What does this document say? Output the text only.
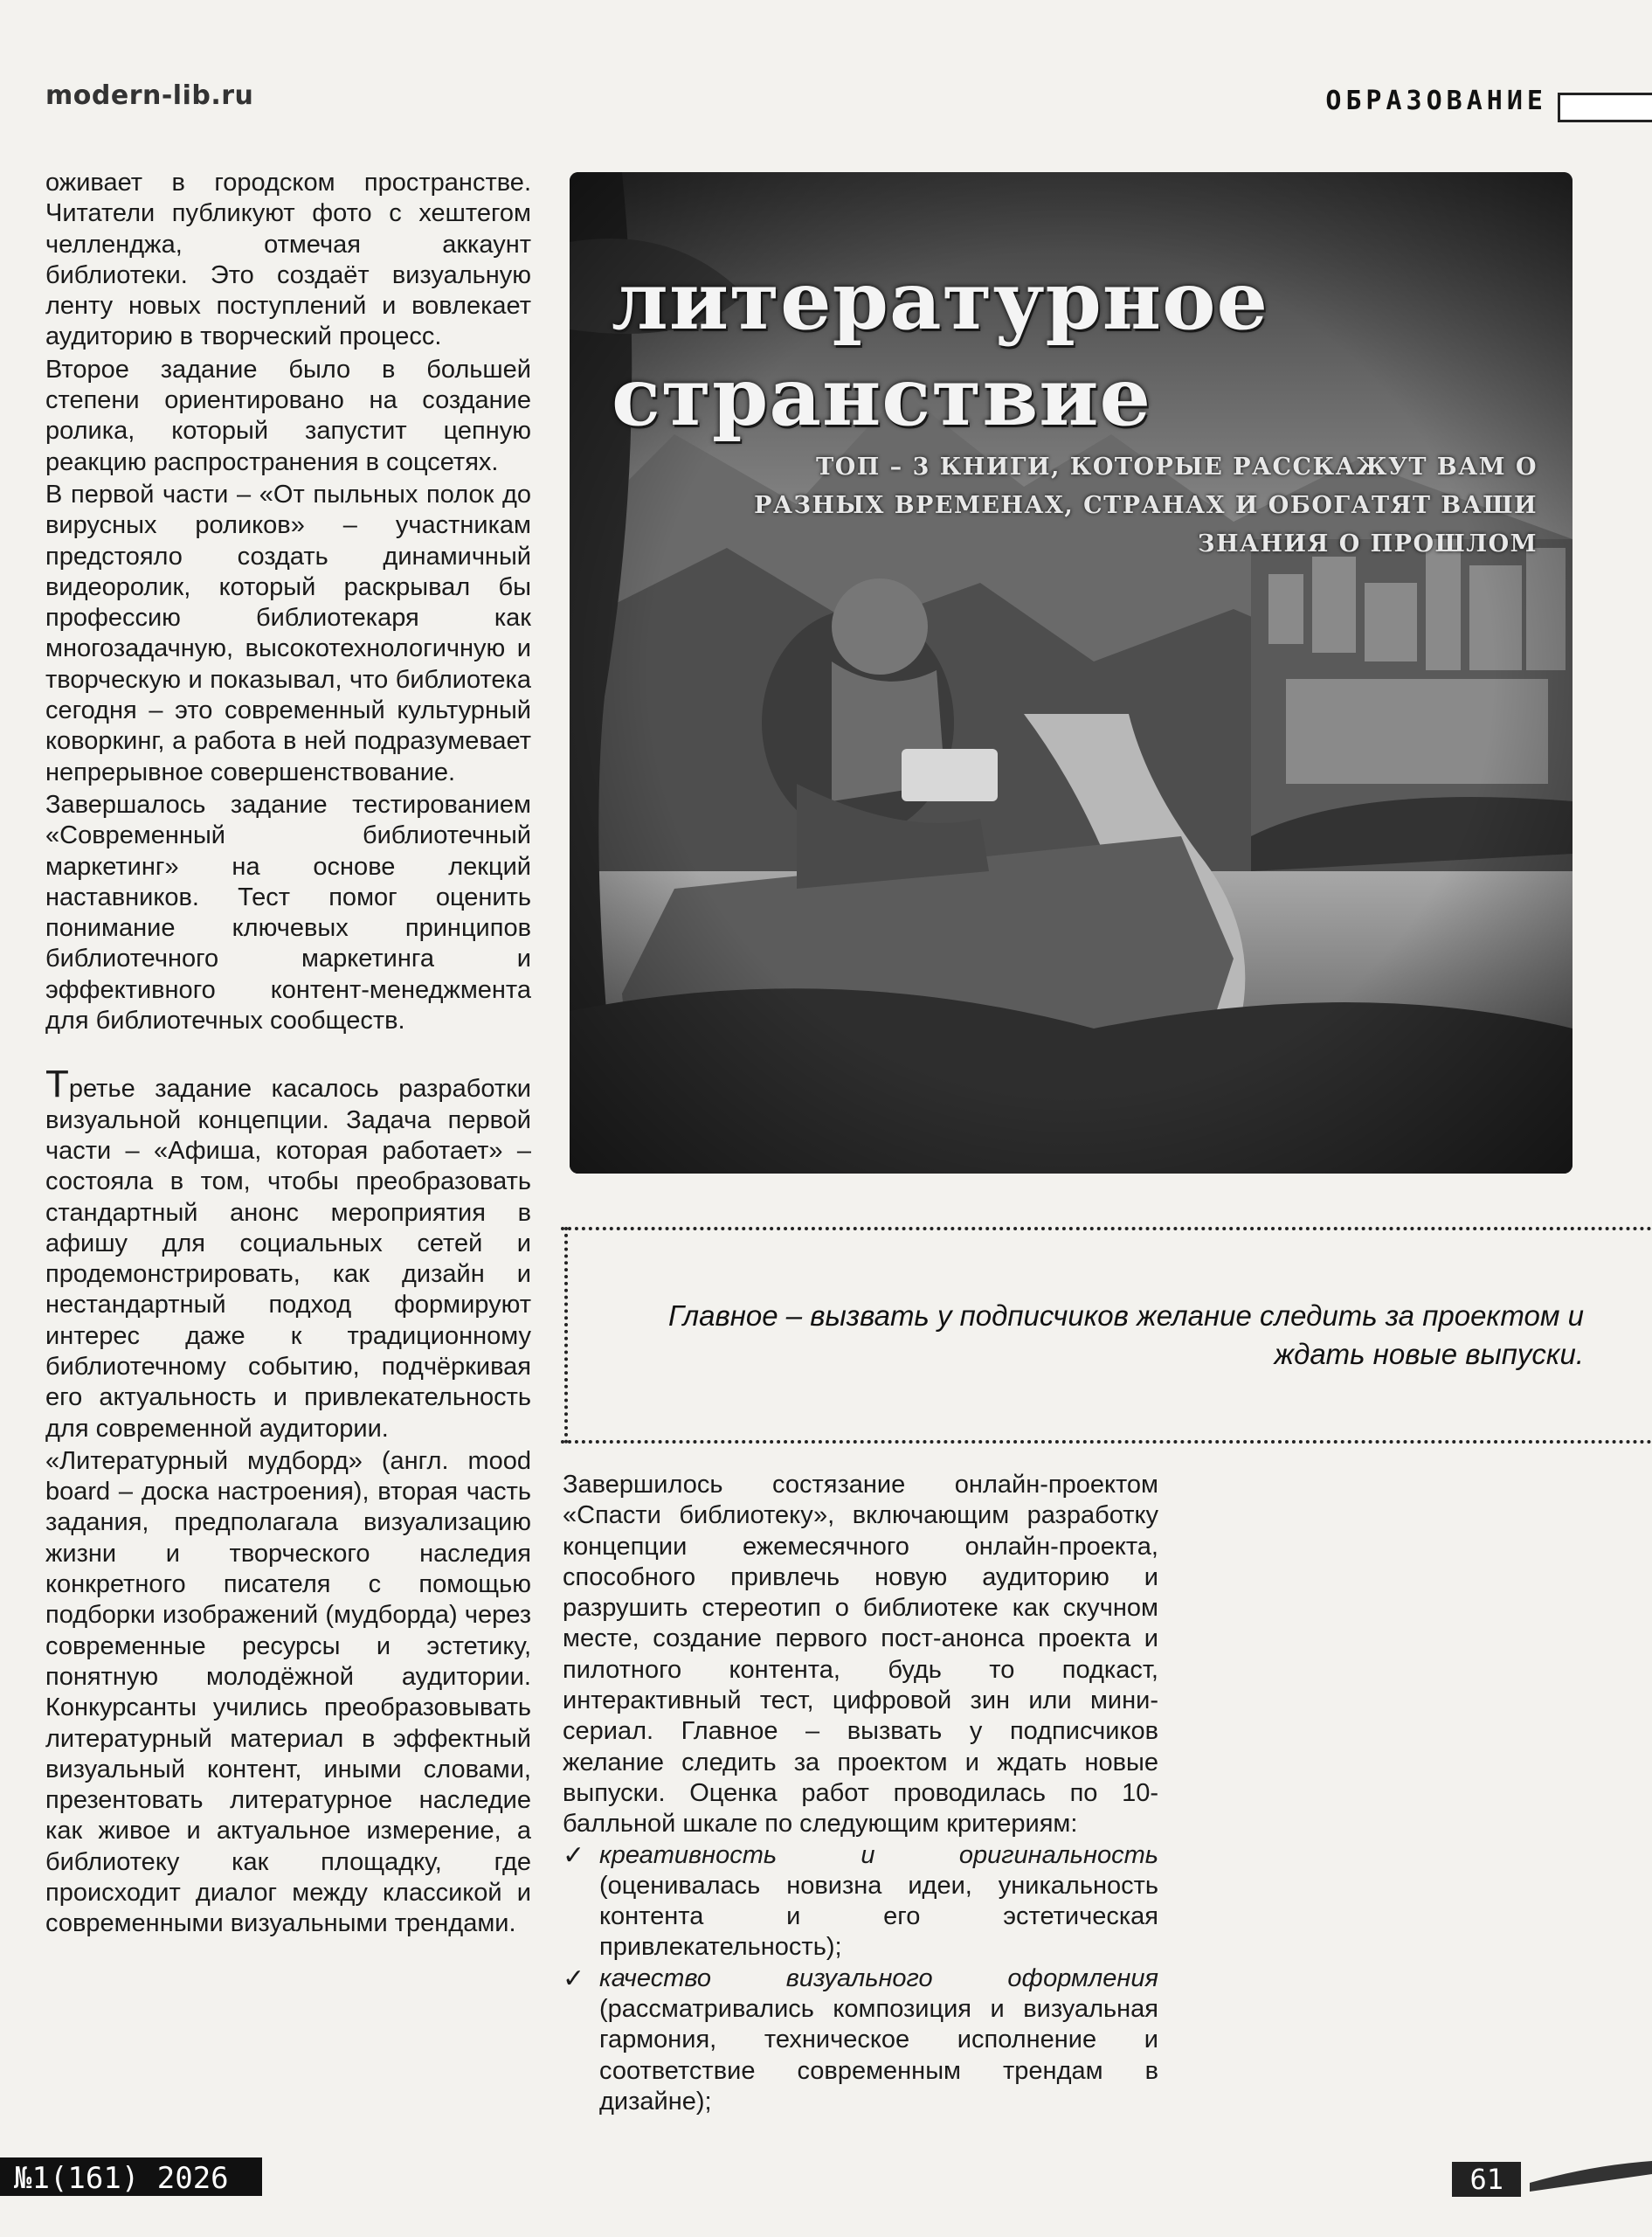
modern-lib.ru	ОБРАЗОВАНИЕ

оживает в городском пространстве. Читатели публикуют фото с хештегом челленджа, отмечая аккаунт библиотеки. Это создаёт визуальную ленту новых поступлений и вовлекает аудиторию в творческий процесс.

Второе задание было в большей степени ориентировано на создание ролика, который запустит цепную реакцию распространения в соцсетях.

В первой части – «От пыльных полок до вирусных роликов» – участникам предстояло создать динамичный видеоролик, который раскрывал бы профессию библиотекаря как многозадачную, высокотехнологичную и творческую и показывал, что библиотека сегодня – это современный культурный коворкинг, а работа в ней подразумевает непрерывное совершенствование.

Завершалось задание тестированием «Современный библиотечный маркетинг» на основе лекций наставников. Тест помог оценить понимание ключевых принципов библиотечного маркетинга и эффективного контент-менеджмента для библиотечных сообществ.

Третье задание касалось разработки визуальной концепции. Задача первой части – «Афиша, которая работает» – состояла в том, чтобы преобразовать стандартный анонс мероприятия в афишу для социальных сетей и продемонстрировать, как дизайн и нестандартный подход формируют интерес даже к традиционному библиотечному событию, подчёркивая его актуальность и привлекательность для современной аудитории.

«Литературный мудборд» (англ. mood board – доска настроения), вторая часть задания, предполагала визуализацию жизни и творческого наследия конкретного писателя с помощью подборки изображений (мудборда) через современные ресурсы и эстетику, понятную молодёжной аудитории. Конкурсанты учились преобразовывать литературный материал в эффектный визуальный контент, иными словами, презентовать литературное наследие как живое и актуальное измерение, а библиотеку как площадку, где происходит диалог между классикой и современными визуальными трендами.

литературное
странствие
ТОП – 3 КНИГИ, КОТОРЫЕ РАССКАЖУТ ВАМ О РАЗНЫХ ВРЕМЕНАХ, СТРАНАХ И ОБОГАТЯТ ВАШИ ЗНАНИЯ О ПРОШЛОМ
Главное – вызвать у подписчиков желание следить за проектом и ждать новые выпуски.

Завершилось состязание онлайн-проектом «Спасти библиотеку», включающим разработку концепции ежемесячного онлайн-проекта, способного привлечь новую аудиторию и разрушить стереотип о библиотеке как скучном месте, создание первого пост-анонса проекта и пилотного контента, будь то подкаст, интерактивный тест, цифровой зин или мини-сериал. Главное – вызвать у подписчиков желание следить за проектом и ждать новые выпуски. Оценка работ проводилась по 10-балльной шкале по следующим критериям:

✓ креативность и оригинальность (оценивалась новизна идеи, уникальность контента и его эстетическая привлекательность);
✓ качество визуального оформления (рассматривались композиция и визуальная гармония, техническое исполнение и соответствие современным трендам в дизайне);
№1(161) 2026	61
